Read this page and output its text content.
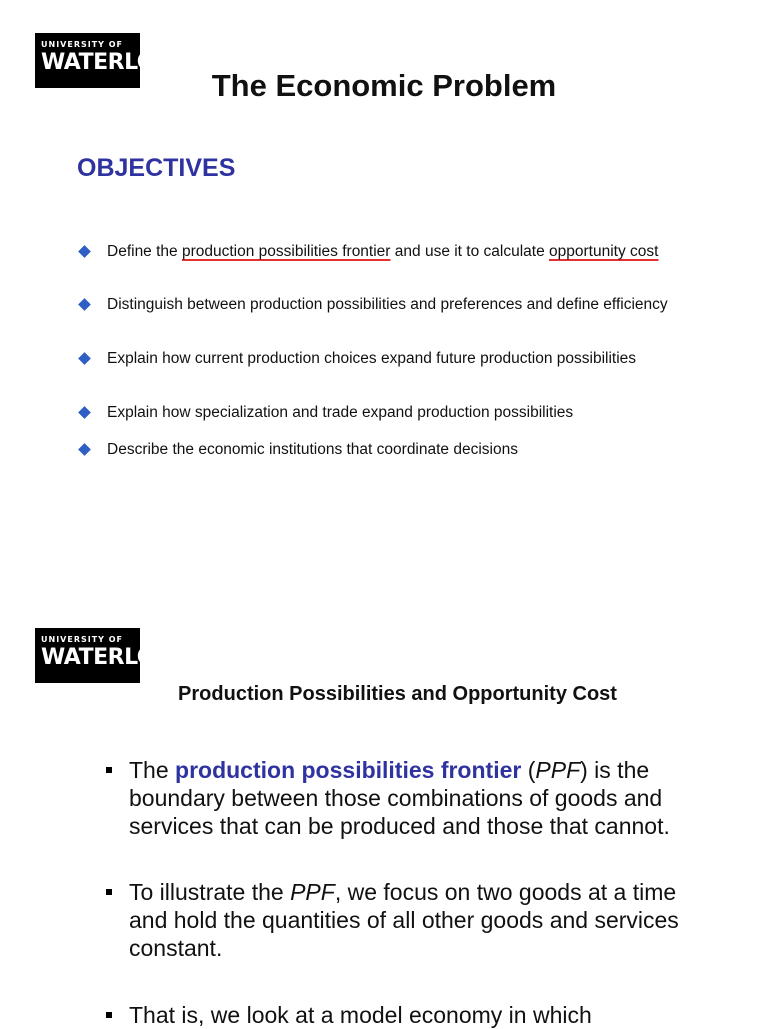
UNIVERSITY OF
WATERLOO
The Economic Problem
OBJECTIVES
Define the production possibilities frontier and use it to calculate opportunity cost
Distinguish between production possibilities and preferences and define efficiency
Explain how current production choices expand future production possibilities
Explain how specialization and trade expand production possibilities
Describe the economic institutions that coordinate decisions
UNIVERSITY OF
WATERLOO
Production Possibilities and Opportunity Cost
The production possibilities frontier (PPF) is the boundary between those combinations of goods and services that can be produced and those that cannot.
To illustrate the PPF, we focus on two goods at a time and hold the quantities of all other goods and services constant.
That is, we look at a model economy in which
